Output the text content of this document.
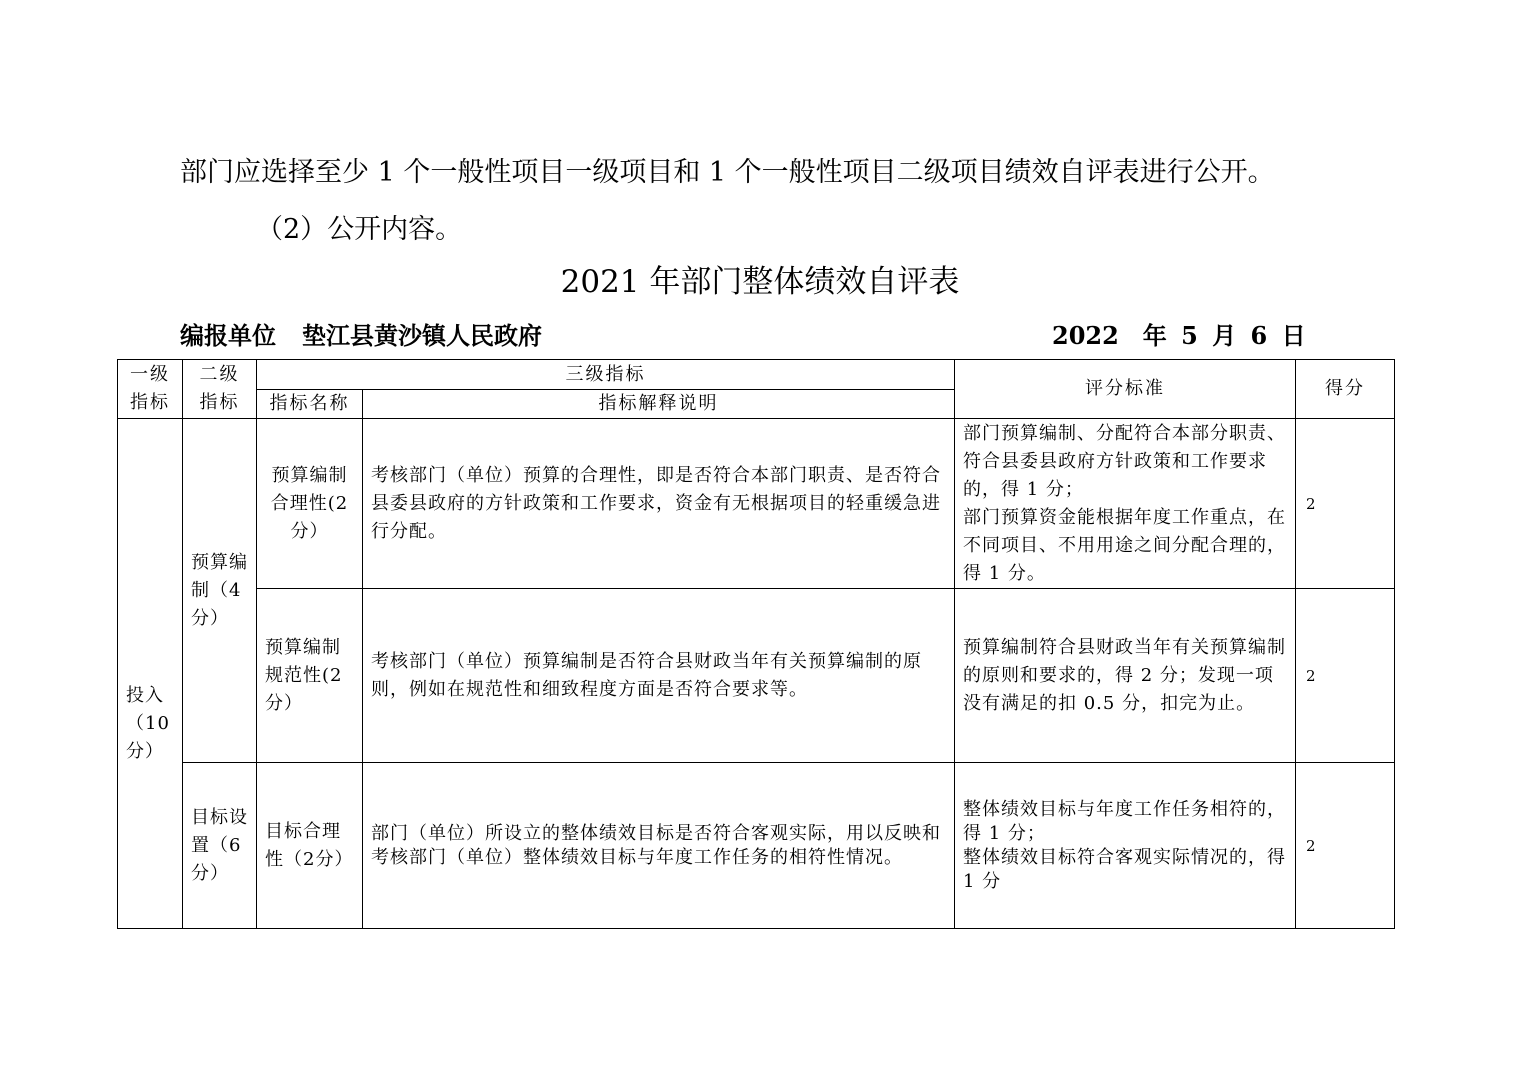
部门应选择至少 1 个一般性项目一级项目和 1 个一般性项目二级项目绩效自评表进行公开。
（2）公开内容。
2021 年部门整体绩效自评表
编报单位 垫江县黄沙镇人民政府	2022　年 5 月 6 日
一级指标	二级指标	三级指标		评分标准	得分
		指标名称	指标解释说明		
投入（10分）	预算编制（4分）	预算编制合理性(2分）	考核部门（单位）预算的合理性，即是否符合本部门职责、是否符合县委县政府的方针政策和工作要求，资金有无根据项目的轻重缓急进行分配。	部门预算编制、分配符合本部分职责、符合县委县政府方针政策和工作要求的，得 1 分；
部门预算资金能根据年度工作重点，在不同项目、不用用途之间分配合理的，得 1 分。	2
		预算编制规范性(2分）	考核部门（单位）预算编制是否符合县财政当年有关预算编制的原则，例如在规范性和细致程度方面是否符合要求等。	预算编制符合县财政当年有关预算编制的原则和要求的，得 2 分；发现一项没有满足的扣 0.5 分，扣完为止。	2
	目标设置（6分）	目标合理性（2分）	部门（单位）所设立的整体绩效目标是否符合客观实际，用以反映和考核部门（单位）整体绩效目标与年度工作任务的相符性情况。	整体绩效目标与年度工作任务相符的，得 1 分；
整体绩效目标符合客观实际情况的，得 1 分	2
